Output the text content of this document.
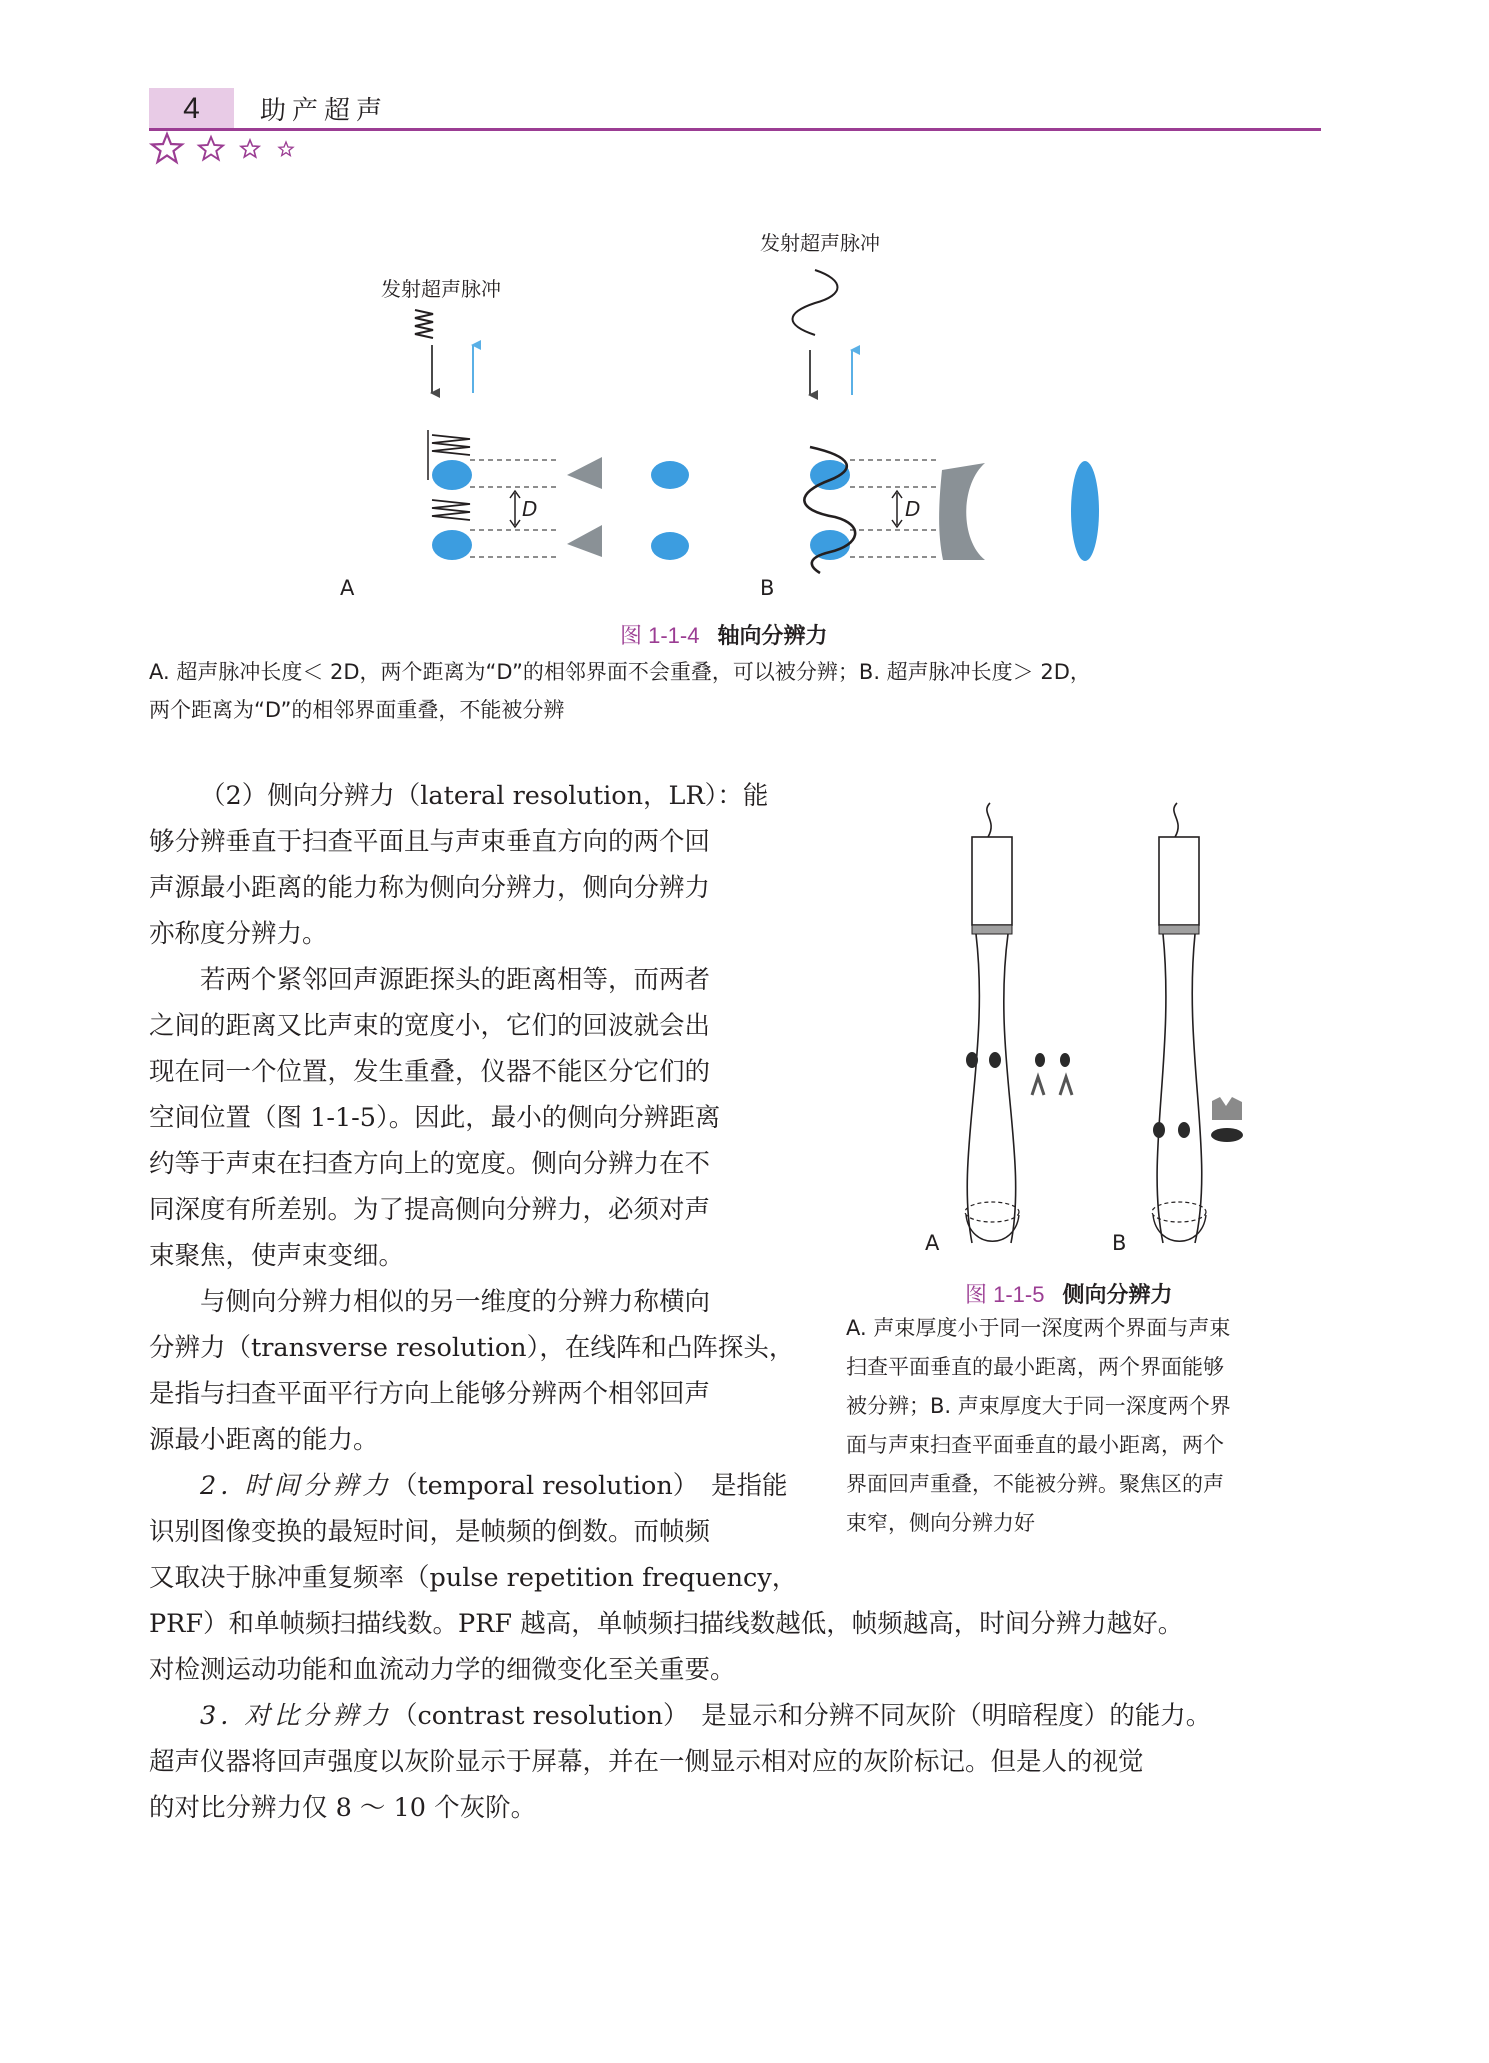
4	助产超声
发射超声脉冲
D
A
发射超声脉冲
D
B
图 1-1-4 轴向分辨力
A. 超声脉冲长度＜ 2D，两个距离为“D”的相邻界面不会重叠，可以被分辨；B. 超声脉冲长度＞ 2D，
两个距离为“D”的相邻界面重叠，不能被分辨
A	B
图 1-1-5 侧向分辨力
A. 声束厚度小于同一深度两个界面与声束
扫查平面垂直的最小距离，两个界面能够
被分辨；B. 声束厚度大于同一深度两个界
面与声束扫查平面垂直的最小距离，两个
界面回声重叠，不能被分辨。聚焦区的声
束窄，侧向分辨力好

（2）侧向分辨力（lateral resolution，LR）：能

够分辨垂直于扫查平面且与声束垂直方向的两个回

声源最小距离的能力称为侧向分辨力，侧向分辨力

亦称度分辨力。

若两个紧邻回声源距探头的距离相等，而两者

之间的距离又比声束的宽度小，它们的回波就会出

现在同一个位置，发生重叠，仪器不能区分它们的

空间位置（图 1-1-5）。因此，最小的侧向分辨距离

约等于声束在扫查方向上的宽度。侧向分辨力在不

同深度有所差别。为了提高侧向分辨力，必须对声

束聚焦，使声束变细。

与侧向分辨力相似的另一维度的分辨力称横向

分辨力（transverse resolution），在线阵和凸阵探头，

是指与扫查平面平行方向上能够分辨两个相邻回声

源最小距离的能力。

2. 时间分辨力（temporal resolution）　是指能

识别图像变换的最短时间，是帧频的倒数。而帧频

又取决于脉冲重复频率（pulse repetition frequency，

PRF）和单帧频扫描线数。PRF 越高，单帧频扫描线数越低，帧频越高，时间分辨力越好。

对检测运动功能和血流动力学的细微变化至关重要。

3. 对比分辨力（contrast resolution）　是显示和分辨不同灰阶（明暗程度）的能力。

超声仪器将回声强度以灰阶显示于屏幕，并在一侧显示相对应的灰阶标记。但是人的视觉

的对比分辨力仅 8 ～ 10 个灰阶。
